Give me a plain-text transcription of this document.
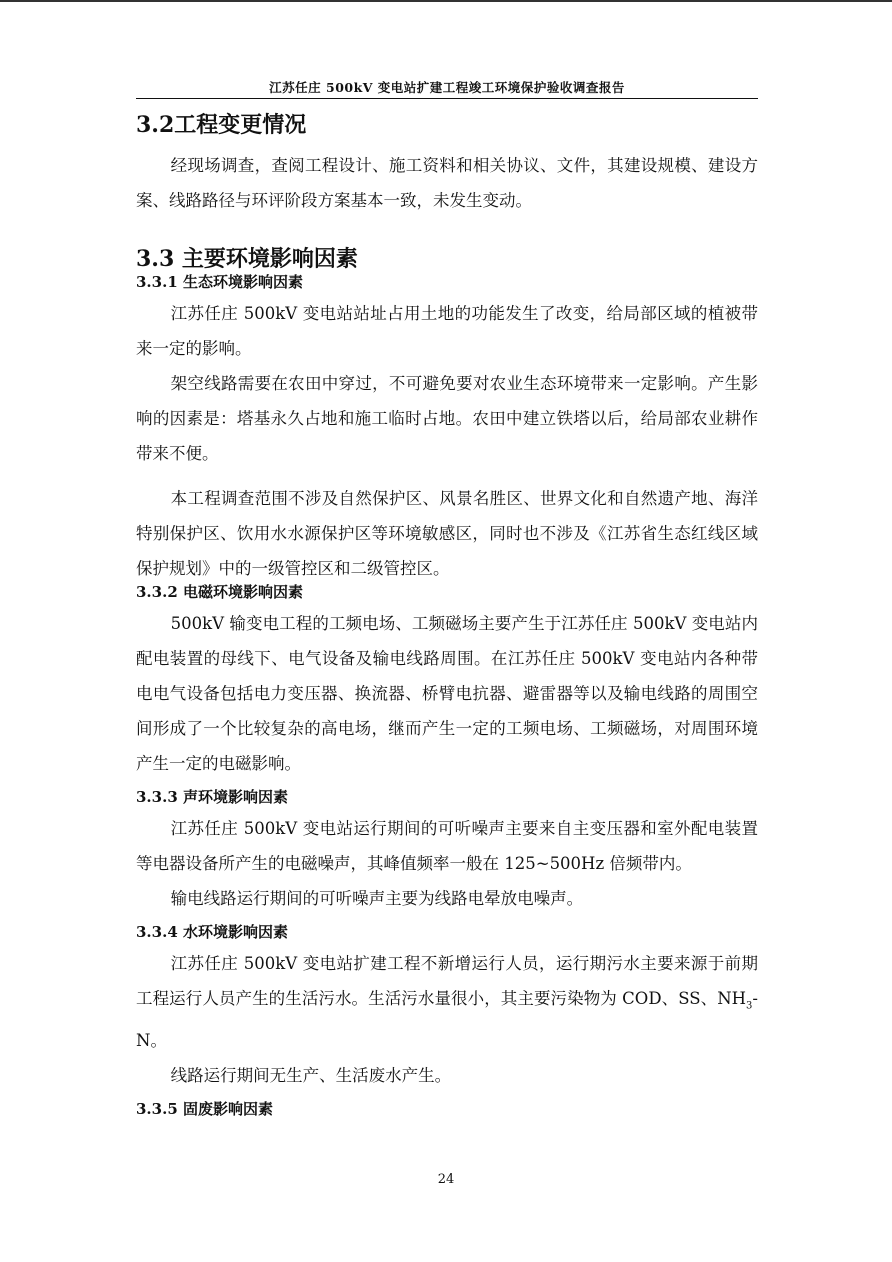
江苏任庄 500kV 变电站扩建工程竣工环境保护验收调查报告
3.2工程变更情况

经现场调查，查阅工程设计、施工资料和相关协议、文件，其建设规模、建设方案、线路路径与环评阶段方案基本一致，未发生变动。

3.3 主要环境影响因素
3.3.1 生态环境影响因素

江苏任庄 500kV 变电站站址占用土地的功能发生了改变，给局部区域的植被带来一定的影响。

架空线路需要在农田中穿过，不可避免要对农业生态环境带来一定影响。产生影响的因素是：塔基永久占地和施工临时占地。农田中建立铁塔以后，给局部农业耕作带来不便。

本工程调查范围不涉及自然保护区、风景名胜区、世界文化和自然遗产地、海洋特别保护区、饮用水水源保护区等环境敏感区，同时也不涉及《江苏省生态红线区域保护规划》中的一级管控区和二级管控区。

3.3.2 电磁环境影响因素

500kV 输变电工程的工频电场、工频磁场主要产生于江苏任庄 500kV 变电站内配电装置的母线下、电气设备及输电线路周围。在江苏任庄 500kV 变电站内各种带电电气设备包括电力变压器、换流器、桥臂电抗器、避雷器等以及输电线路的周围空间形成了一个比较复杂的高电场，继而产生一定的工频电场、工频磁场，对周围环境产生一定的电磁影响。

3.3.3 声环境影响因素

江苏任庄 500kV 变电站运行期间的可听噪声主要来自主变压器和室外配电装置等电器设备所产生的电磁噪声，其峰值频率一般在 125~500Hz 倍频带内。

输电线路运行期间的可听噪声主要为线路电晕放电噪声。

3.3.4 水环境影响因素

江苏任庄 500kV 变电站扩建工程不新增运行人员，运行期污水主要来源于前期工程运行人员产生的生活污水。生活污水量很小，其主要污染物为 COD、SS、$NH_3-N$。

线路运行期间无生产、生活废水产生。

3.3.5 固废影响因素
24
